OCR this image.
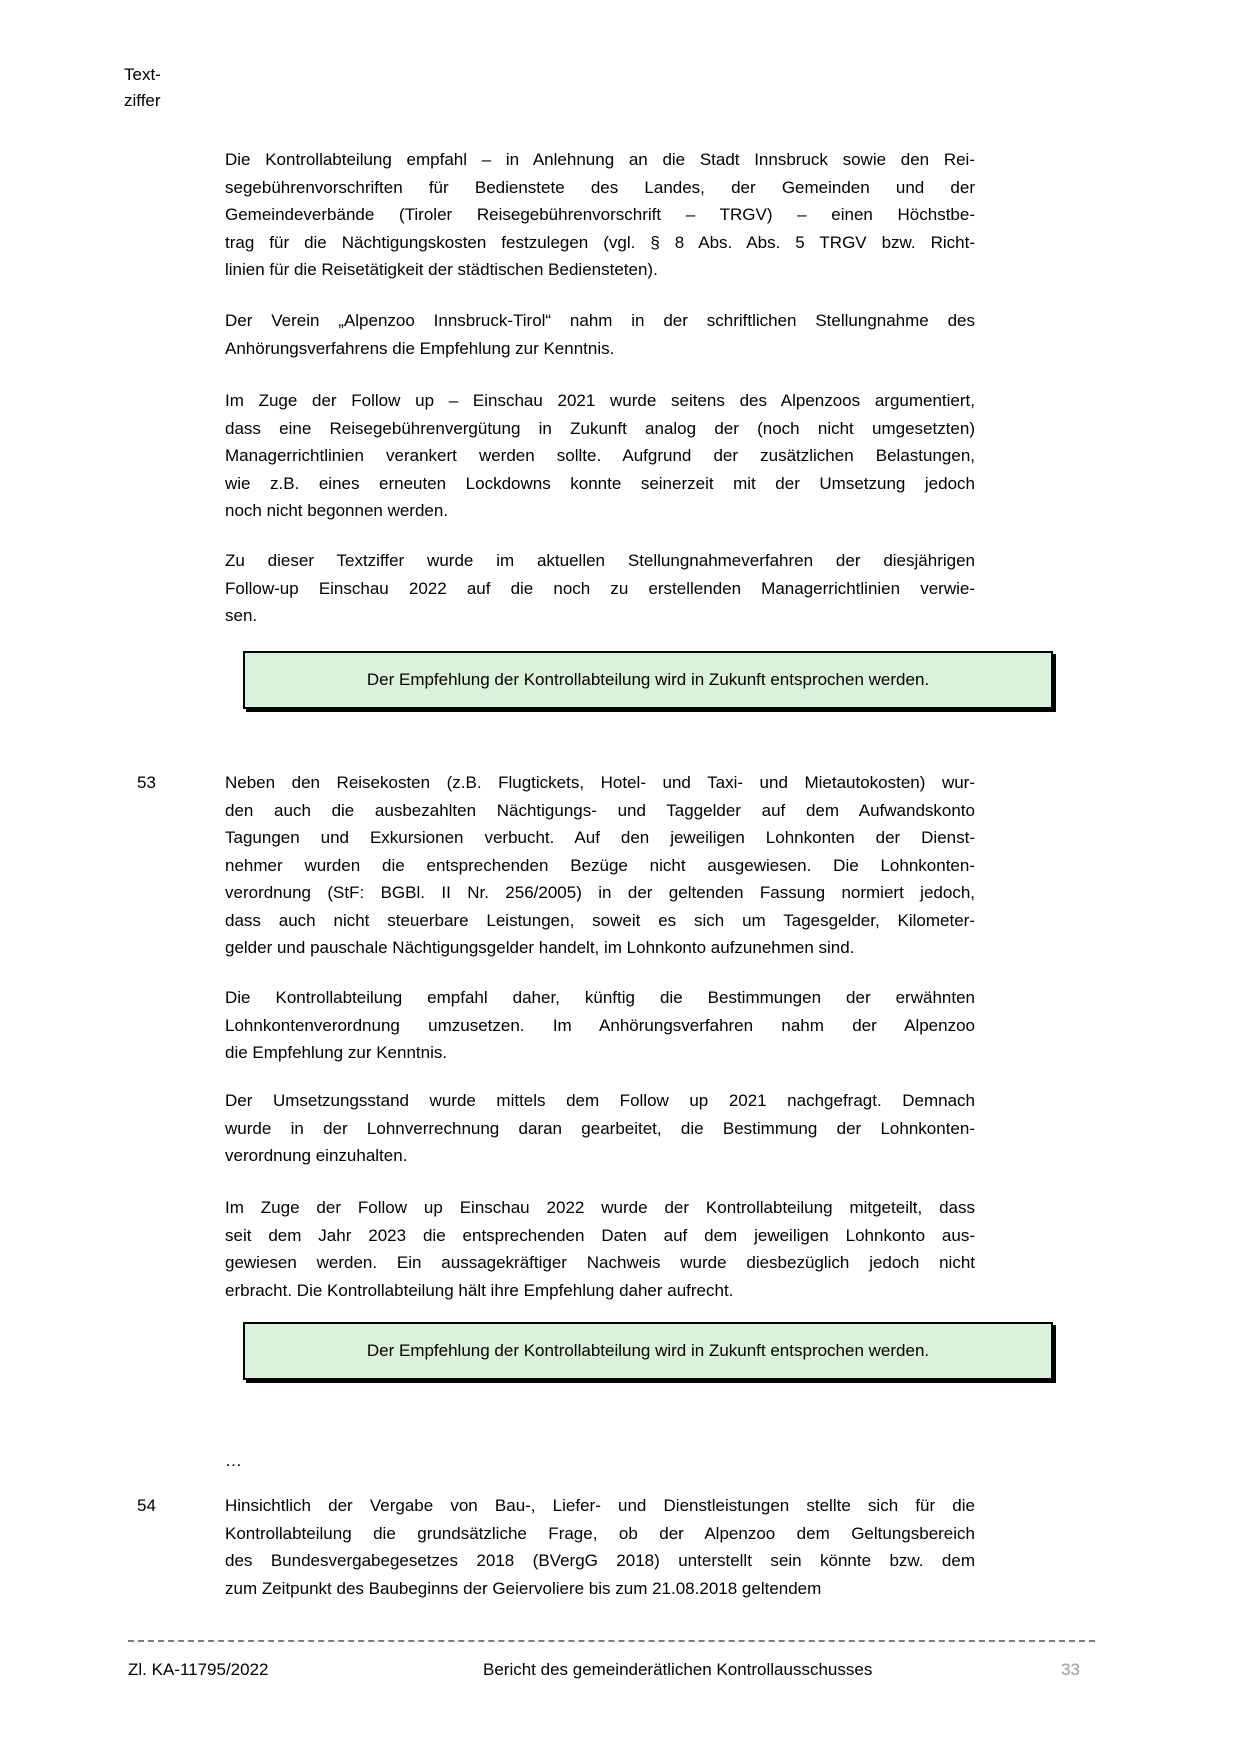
Text-
ziffer
Die Kontrollabteilung empfahl – in Anlehnung an die Stadt Innsbruck sowie den Rei-
segebührenvorschriften für Bedienstete des Landes, der Gemeinden und der
Gemeindeverbände (Tiroler Reisegebührenvorschrift – TRGV) – einen Höchstbe-
trag für die Nächtigungskosten festzulegen (vgl. § 8 Abs. Abs. 5 TRGV bzw. Richt-
linien für die Reisetätigkeit der städtischen Bediensteten).
Der Verein „Alpenzoo Innsbruck-Tirol“ nahm in der schriftlichen Stellungnahme des
Anhörungsverfahrens die Empfehlung zur Kenntnis.
Im Zuge der Follow up – Einschau 2021 wurde seitens des Alpenzoos argumentiert,
dass eine Reisegebührenvergütung in Zukunft analog der (noch nicht umgesetzten)
Managerrichtlinien verankert werden sollte. Aufgrund der zusätzlichen Belastungen,
wie z.B. eines erneuten Lockdowns konnte seinerzeit mit der Umsetzung jedoch
noch nicht begonnen werden.
Zu dieser Textziffer wurde im aktuellen Stellungnahmeverfahren der diesjährigen
Follow-up Einschau 2022 auf die noch zu erstellenden Managerrichtlinien verwie-
sen.
Der Empfehlung der Kontrollabteilung wird in Zukunft entsprochen werden.
53	Neben den Reisekosten (z.B. Flugtickets, Hotel- und Taxi- und Mietautokosten) wur-
den auch die ausbezahlten Nächtigungs- und Taggelder auf dem Aufwandskonto
Tagungen und Exkursionen verbucht. Auf den jeweiligen Lohnkonten der Dienst-
nehmer wurden die entsprechenden Bezüge nicht ausgewiesen. Die Lohnkonten-
verordnung (StF: BGBl. II Nr. 256/2005) in der geltenden Fassung normiert jedoch,
dass auch nicht steuerbare Leistungen, soweit es sich um Tagesgelder, Kilometer-
gelder und pauschale Nächtigungsgelder handelt, im Lohnkonto aufzunehmen sind.
Die Kontrollabteilung empfahl daher, künftig die Bestimmungen der erwähnten
Lohnkontenverordnung umzusetzen. Im Anhörungsverfahren nahm der Alpenzoo
die Empfehlung zur Kenntnis.
Der Umsetzungsstand wurde mittels dem Follow up 2021 nachgefragt. Demnach
wurde in der Lohnverrechnung daran gearbeitet, die Bestimmung der Lohnkonten-
verordnung einzuhalten.
Im Zuge der Follow up Einschau 2022 wurde der Kontrollabteilung mitgeteilt, dass
seit dem Jahr 2023 die entsprechenden Daten auf dem jeweiligen Lohnkonto aus-
gewiesen werden. Ein aussagekräftiger Nachweis wurde diesbezüglich jedoch nicht
erbracht. Die Kontrollabteilung hält ihre Empfehlung daher aufrecht.
Der Empfehlung der Kontrollabteilung wird in Zukunft entsprochen werden.
…
54	Hinsichtlich der Vergabe von Bau-, Liefer- und Dienstleistungen stellte sich für die
Kontrollabteilung die grundsätzliche Frage, ob der Alpenzoo dem Geltungsbereich
des Bundesvergabegesetzes 2018 (BVergG 2018) unterstellt sein könnte bzw. dem
zum Zeitpunkt des Baubeginns der Geiervoliere bis zum 21.08.2018 geltendem
Zl. KA-11795/2022	Bericht des gemeinderätlichen Kontrollausschusses	33
